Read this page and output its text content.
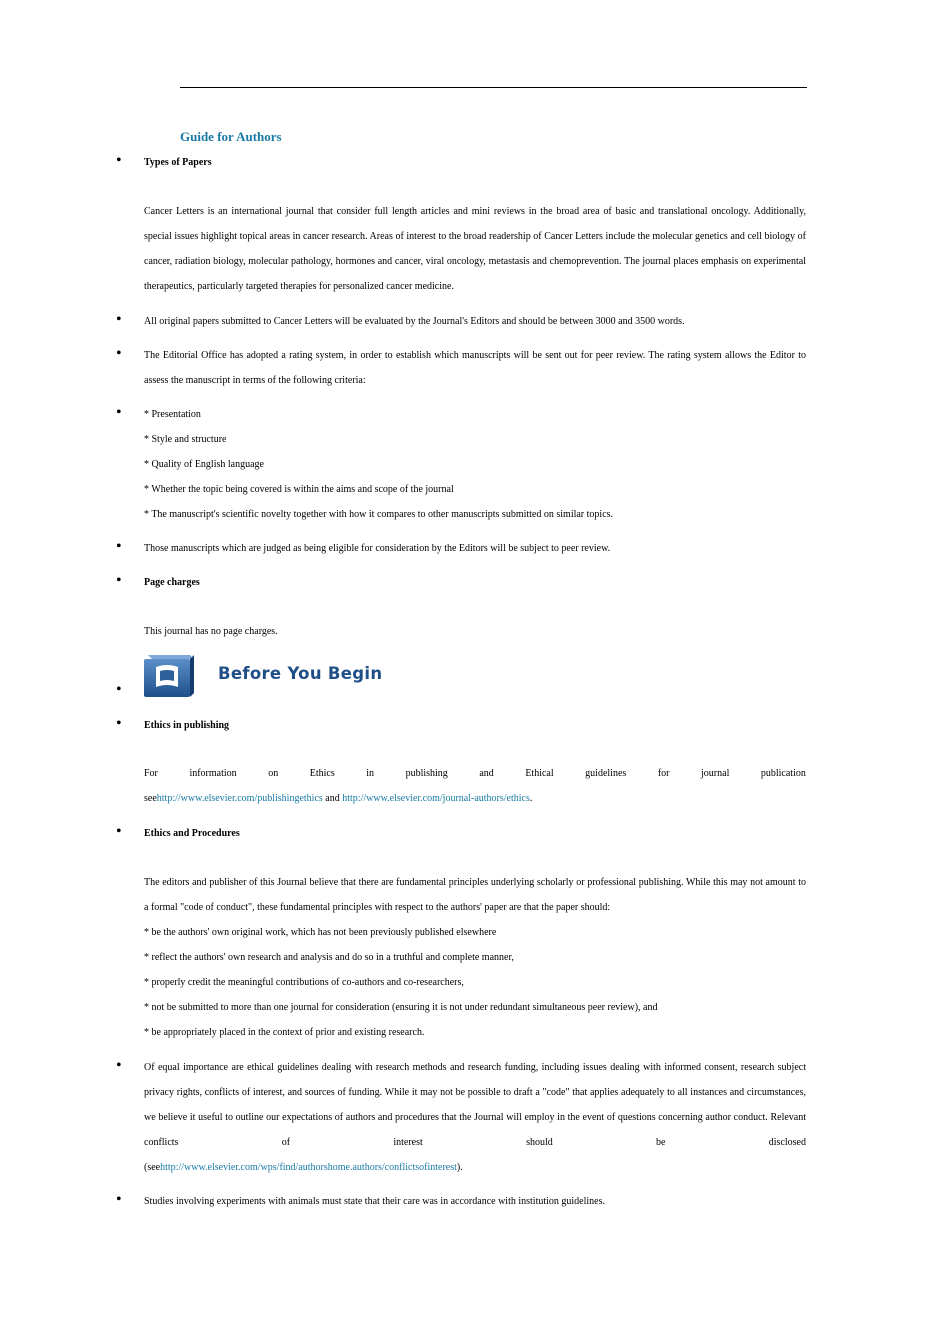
Guide for Authors
• Types of Papers
Cancer Letters is an international journal that consider full length articles and mini reviews in the broad area of basic and translational oncology. Additionally, special issues highlight topical areas in cancer research. Areas of interest to the broad readership of Cancer Letters include the molecular genetics and cell biology of cancer, radiation biology, molecular pathology, hormones and cancer, viral oncology, metastasis and chemoprevention. The journal places emphasis on experimental therapeutics, particularly targeted therapies for personalized cancer medicine.
• All original papers submitted to Cancer Letters will be evaluated by the Journal's Editors and should be between 3000 and 3500 words.
• The Editorial Office has adopted a rating system, in order to establish which manuscripts will be sent out for peer review. The rating system allows the Editor to assess the manuscript in terms of the following criteria:
• * Presentation
* Style and structure
* Quality of English language
* Whether the topic being covered is within the aims and scope of the journal
* The manuscript's scientific novelty together with how it compares to other manuscripts submitted on similar topics.
• Those manuscripts which are judged as being eligible for consideration by the Editors will be subject to peer review.
• Page charges
This journal has no page charges.
•
Before You Begin
• Ethics in publishing
For	information	on	Ethics	in	publishing	and	Ethical	guidelines	for	journal	publication
seehttp://www.elsevier.com/publishingethics and http://www.elsevier.com/journal-authors/ethics.
• Ethics and Procedures
The editors and publisher of this Journal believe that there are fundamental principles underlying scholarly or professional publishing. While this may not amount to a formal "code of conduct", these fundamental principles with respect to the authors' paper are that the paper should:
* be the authors' own original work, which has not been previously published elsewhere
* reflect the authors' own research and analysis and do so in a truthful and complete manner,
* properly credit the meaningful contributions of co-authors and co-researchers,
* not be submitted to more than one journal for consideration (ensuring it is not under redundant simultaneous peer review), and
* be appropriately placed in the context of prior and existing research.
• Of equal importance are ethical guidelines dealing with research methods and research funding, including issues dealing with informed consent, research subject privacy rights, conflicts of interest, and sources of funding. While it may not be possible to draft a "code" that applies adequately to all instances and circumstances, we believe it useful to outline our expectations of authors and procedures that the Journal will employ in the event of questions concerning author conduct. Relevant conflicts of interest should be disclosed
(seehttp://www.elsevier.com/wps/find/authorshome.authors/conflictsofinterest).
• Studies involving experiments with animals must state that their care was in accordance with institution guidelines.
